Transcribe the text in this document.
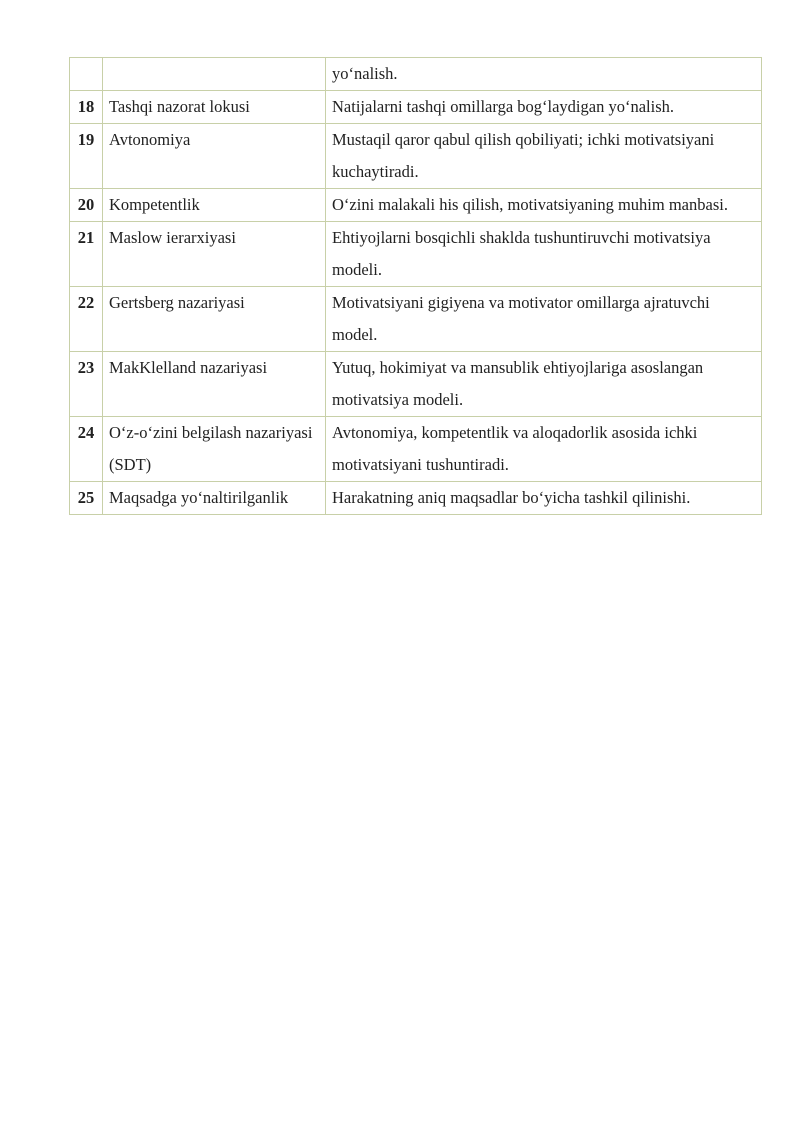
		yo‘nalish.
18	Tashqi nazorat lokusi	Natijalarni tashqi omillarga bog‘laydigan yo‘nalish.
19	Avtonomiya	Mustaqil qaror qabul qilish qobiliyati; ichki motivatsiyani kuchaytiradi.
20	Kompetentlik	O‘zini malakali his qilish, motivatsiyaning muhim manbasi.
21	Maslow ierarxiyasi	Ehtiyojlarni bosqichli shaklda tushuntiruvchi motivatsiya modeli.
22	Gertsberg nazariyasi	Motivatsiyani gigiyena va motivator omillarga ajratuvchi model.
23	MakKlelland nazariyasi	Yutuq, hokimiyat va mansublik ehtiyojlariga asoslangan motivatsiya modeli.
24	O‘z-o‘zini belgilash nazariyasi (SDT)	Avtonomiya, kompetentlik va aloqadorlik asosida ichki motivatsiyani tushuntiradi.
25	Maqsadga yo‘naltirilganlik	Harakatning aniq maqsadlar bo‘yicha tashkil qilinishi.
